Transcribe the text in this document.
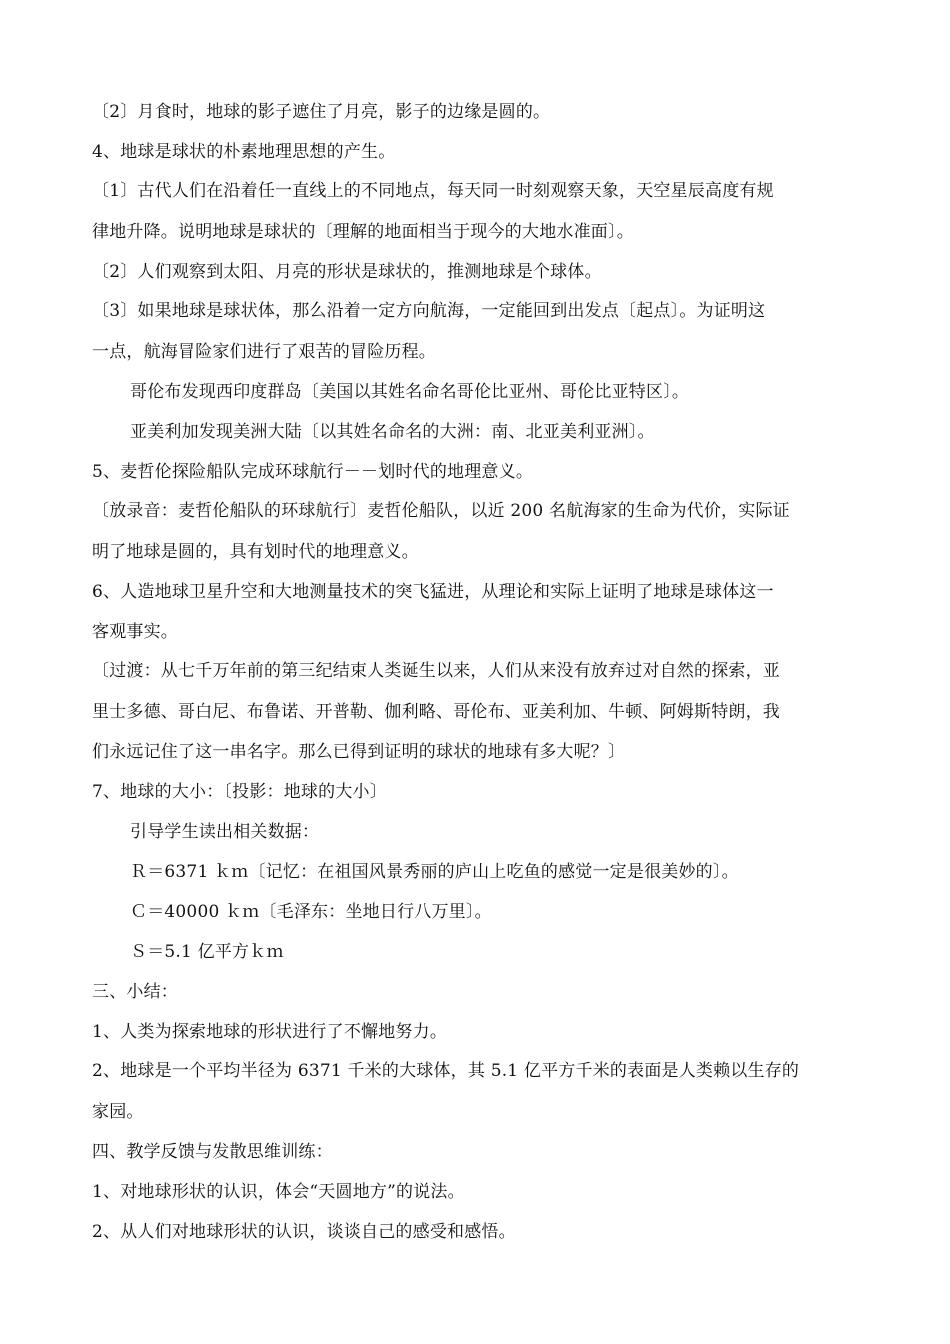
〔2〕月食时，地球的影子遮住了月亮，影子的边缘是圆的。
4、地球是球状的朴素地理思想的产生。
〔1〕古代人们在沿着任一直线上的不同地点，每天同一时刻观察天象，天空星辰高度有规
律地升降。说明地球是球状的〔理解的地面相当于现今的大地水准面〕。
〔2〕人们观察到太阳、月亮的形状是球状的，推测地球是个球体。
〔3〕如果地球是球状体，那么沿着一定方向航海，一定能回到出发点〔起点〕。为证明这
一点，航海冒险家们进行了艰苦的冒险历程。
哥伦布发现西印度群岛〔美国以其姓名命名哥伦比亚州、哥伦比亚特区〕。
亚美利加发现美洲大陆〔以其姓名命名的大洲：南、北亚美利亚洲〕。
5、麦哲伦探险船队完成环球航行－－划时代的地理意义。
〔放录音：麦哲伦船队的环球航行〕麦哲伦船队，以近 200 名航海家的生命为代价，实际证
明了地球是圆的，具有划时代的地理意义。
6、人造地球卫星升空和大地测量技术的突飞猛进，从理论和实际上证明了地球是球体这一
客观事实。
〔过渡：从七千万年前的第三纪结束人类诞生以来，人们从来没有放弃过对自然的探索，亚
里士多德、哥白尼、布鲁诺、开普勒、伽利略、哥伦布、亚美利加、牛顿、阿姆斯特朗，我
们永远记住了这一串名字。那么已得到证明的球状的地球有多大呢？〕
7、地球的大小：〔投影：地球的大小〕
引导学生读出相关数据：
Ｒ＝6371 ｋｍ〔记忆：在祖国风景秀丽的庐山上吃鱼的感觉一定是很美妙的〕。
Ｃ＝40000 ｋｍ〔毛泽东：坐地日行八万里〕。
Ｓ＝5.1 亿平方ｋｍ
三、小结：
1、人类为探索地球的形状进行了不懈地努力。
2、地球是一个平均半径为 6371 千米的大球体，其 5.1 亿平方千米的表面是人类赖以生存的
家园。
四、教学反馈与发散思维训练：
1、对地球形状的认识，体会“天圆地方”的说法。
2、从人们对地球形状的认识，谈谈自己的感受和感悟。
